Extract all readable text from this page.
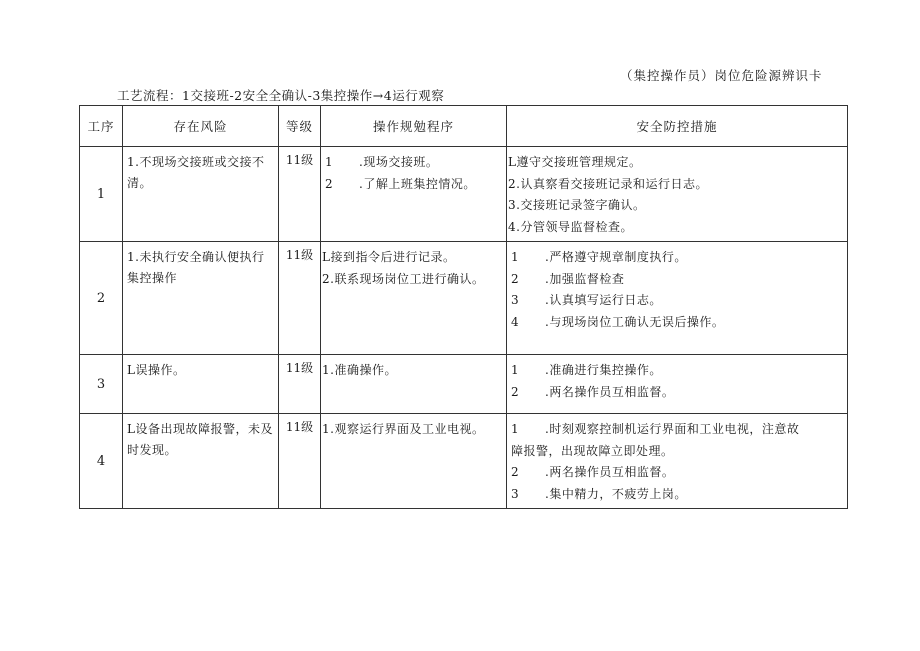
（集控操作员）岗位危险源辨识卡
工艺流程：1交接班-2安全全确认-3集控操作→4运行观察
工序	存在风险	等级	操作规勉程序	安全防控措施
1	1.不现场交接班或交接不清。	11级	1 .现场交接班。
2 .了解上班集控情况。	L遵守交接班管理规定。
2.认真察看交接班记录和运行日志。
3.交接班记录签字确认。
4.分管领导监督检查。

2	1.未执行安全确认便执行集控操作	11级	L接到指令后进行记录。
2.联系现场岗位工进行确认。	1 .严格遵守规章制度执行。
2 .加强监督检查
3 .认真填写运行日志。
4 .与现场岗位工确认无误后操作。

3	L误操作。	11级	1.准确操作。	1 .准确进行集控操作。
2 .两名操作员互相监督。

4	L设备出现故障报警，未及时发现。	11级	1.观察运行界面及工业电视。	1 .时刻观察控制机运行界面和工业电视，注意故
障报警，出现故障立即处理。
2 .两名操作员互相监督。
3 .集中精力，不疲劳上岗。
